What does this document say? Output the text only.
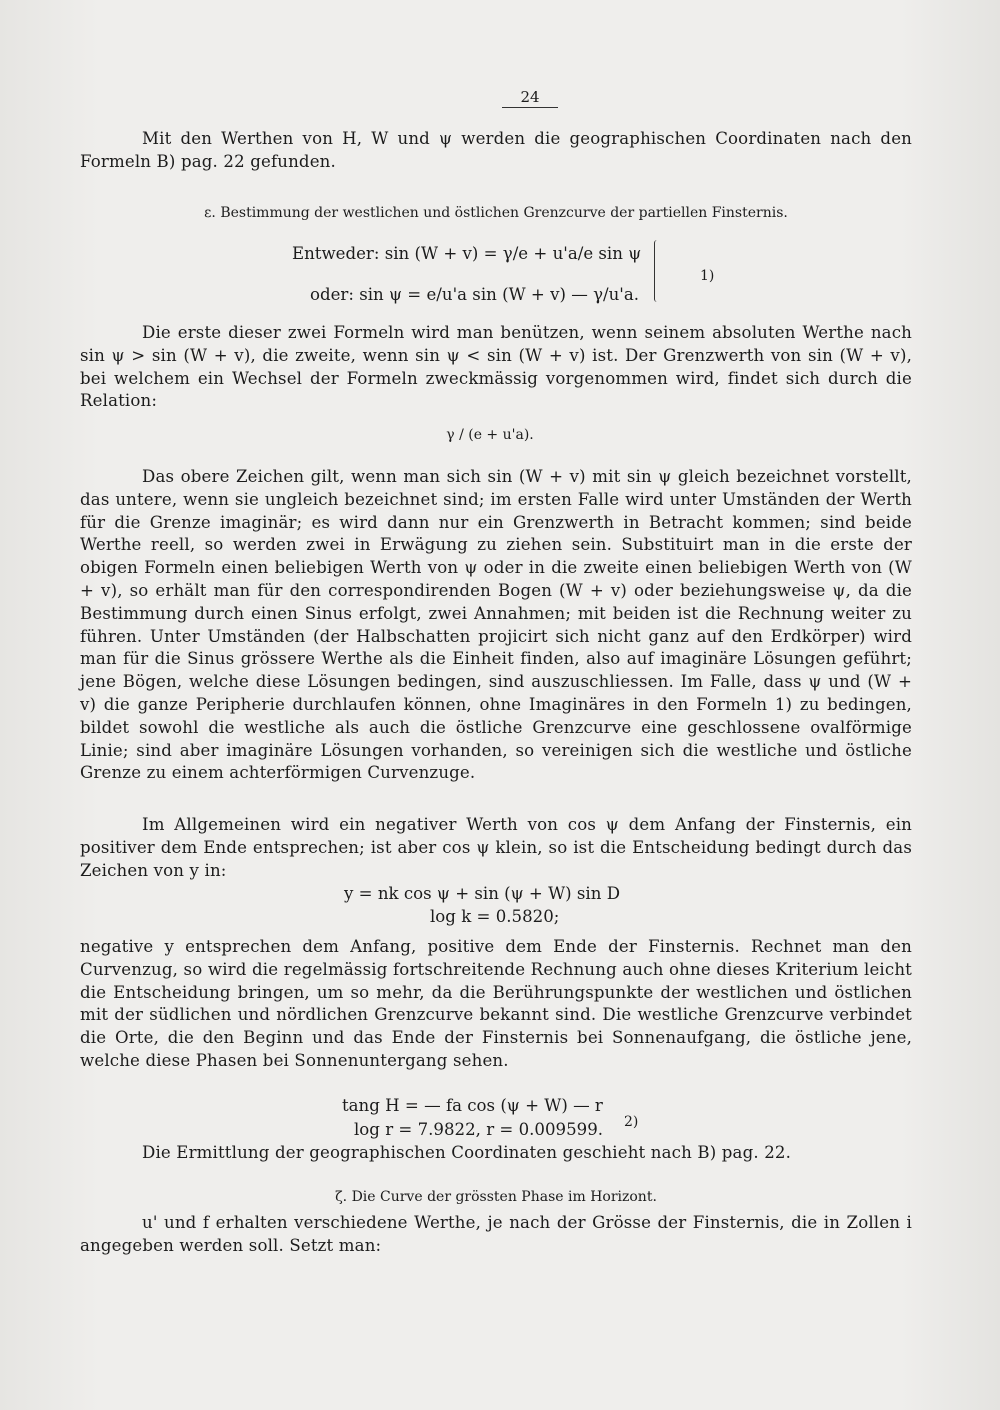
24
Mit den Werthen von H, W und ψ werden die geographischen Coordinaten nach den Formeln B) pag. 22 gefunden.
ε. Bestimmung der westlichen und östlichen Grenzcurve der partiellen Finsternis.
Entweder: sin (W + v) = γ/e + u'a/e sin ψ
oder: sin ψ = e/u'a sin (W + v) — γ/u'a.
1)
Die erste dieser zwei Formeln wird man benützen, wenn seinem absoluten Werthe nach sin ψ > sin (W + v), die zweite, wenn sin ψ < sin (W + v) ist. Der Grenzwerth von sin (W + v), bei welchem ein Wechsel der Formeln zweckmässig vorgenommen wird, findet sich durch die Relation:
γ / (e + u'a).
Das obere Zeichen gilt, wenn man sich sin (W + v) mit sin ψ gleich bezeichnet vorstellt, das untere, wenn sie ungleich bezeichnet sind; im ersten Falle wird unter Umständen der Werth für die Grenze imaginär; es wird dann nur ein Grenzwerth in Betracht kommen; sind beide Werthe reell, so werden zwei in Erwägung zu ziehen sein. Substituirt man in die erste der obigen Formeln einen beliebigen Werth von ψ oder in die zweite einen beliebigen Werth von (W + v), so erhält man für den correspondirenden Bogen (W + v) oder beziehungsweise ψ, da die Bestimmung durch einen Sinus erfolgt, zwei Annahmen; mit beiden ist die Rechnung weiter zu führen. Unter Umständen (der Halbschatten projicirt sich nicht ganz auf den Erdkörper) wird man für die Sinus grössere Werthe als die Einheit finden, also auf imaginäre Lösungen geführt; jene Bögen, welche diese Lösungen bedingen, sind auszuschliessen. Im Falle, dass ψ und (W + v) die ganze Peripherie durchlaufen können, ohne Imaginäres in den Formeln 1) zu bedingen, bildet sowohl die westliche als auch die östliche Grenzcurve eine geschlossene ovalförmige Linie; sind aber imaginäre Lösungen vorhanden, so vereinigen sich die westliche und östliche Grenze zu einem achterförmigen Curvenzuge.
Im Allgemeinen wird ein negativer Werth von cos ψ dem Anfang der Finsternis, ein positiver dem Ende entsprechen; ist aber cos ψ klein, so ist die Entscheidung bedingt durch das Zeichen von y in:
y = nk cos ψ + sin (ψ + W) sin D
log k = 0.5820;
negative y entsprechen dem Anfang, positive dem Ende der Finsternis. Rechnet man den Curvenzug, so wird die regelmässig fortschreitende Rechnung auch ohne dieses Kriterium leicht die Entscheidung bringen, um so mehr, da die Berührungspunkte der westlichen und östlichen mit der südlichen und nördlichen Grenzcurve bekannt sind. Die westliche Grenzcurve verbindet die Orte, die den Beginn und das Ende der Finsternis bei Sonnenaufgang, die östliche jene, welche diese Phasen bei Sonnenuntergang sehen.
tang H = — fa cos (ψ + W) — r
log r = 7.9822, r = 0.009599. 2)
Die Ermittlung der geographischen Coordinaten geschieht nach B) pag. 22.
ζ. Die Curve der grössten Phase im Horizont.
u' und f erhalten verschiedene Werthe, je nach der Grösse der Finsternis, die in Zollen i angegeben werden soll. Setzt man:
